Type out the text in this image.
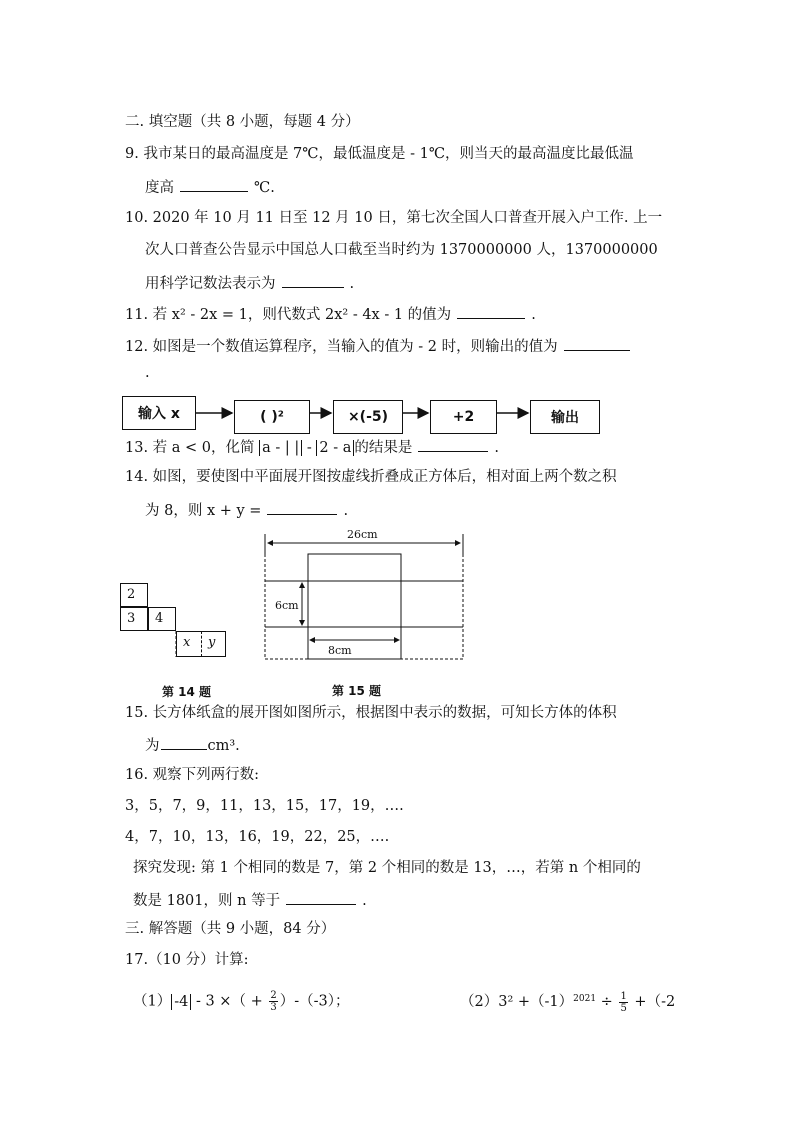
二. 填空题（共 8 小题，每题 4 分）
9. 我市某日的最高温度是 7℃，最低温度是 - 1℃，则当天的最高温度比最低温
度高	℃.
10. 2020 年 10 月 11 日至 12 月 10 日，第七次全国人口普查开展入户工作. 上一
次人口普查公告显示中国总人口截至当时约为 1370000000 人，1370000000
用科学记数法表示为	.
11. 若 x² - 2x = 1，则代数式 2x² - 4x - 1 的值为	.
12. 如图是一个数值运算程序，当输入的值为 - 2 时，则输出的值为
.
输入 x	( )²	×(-5)	+2	输出
13. 若 a < 0，化简 a - | | - 2 - a 的结果是	.
14. 如图，要使图中平面展开图按虚线折叠成正方体后，相对面上两个数之积
为 8，则 x + y =	.
2
3 4
x y
第 14 题
26cm
6cm
8cm
第 15 题
15. 长方体纸盒的展开图如图所示，根据图中表示的数据，可知长方体的体积
为	cm³.
16. 观察下列两行数:
3，5，7，9，11，13，15，17，19，….
4，7，10，13，16，19，22，25，….
探究发现: 第 1 个相同的数是 7，第 2 个相同的数是 13，…，若第 n 个相同的
数是 1801，则 n 等于	.
三. 解答题（共 9 小题，84 分）
17.（10 分）计算:
（1） -4 - 3 ×（ + $\frac{2}{3} )-(-3)$；	$(2)3^2 +(-1)^{2021} \div \frac{1}{5} +(-2$
